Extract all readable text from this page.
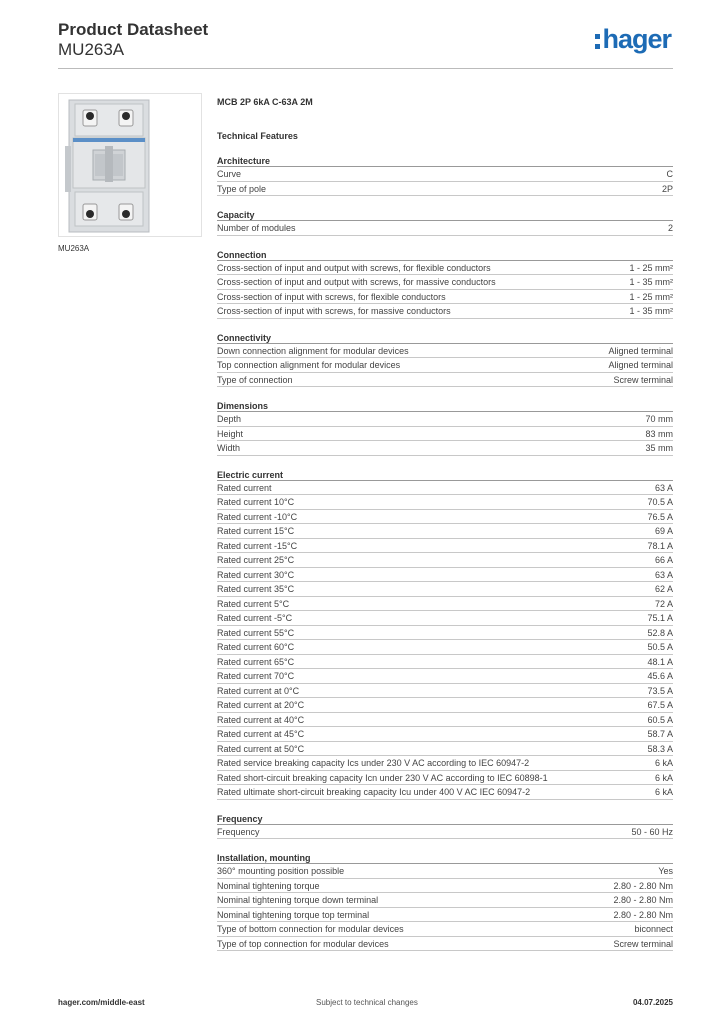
Product Datasheet
MU263A	hager
MU263A
MCB 2P 6kA C-63A 2M
Technical Features
Architecture
Curve	C
Type of pole	2P
Capacity
Number of modules	2
Connection
Cross-section of input and output with screws, for flexible conductors	1 - 25 mm²
Cross-section of input and output with screws, for massive conductors	1 - 35 mm²
Cross-section of input with screws, for flexible conductors	1 - 25 mm²
Cross-section of input with screws, for massive conductors	1 - 35 mm²
Connectivity
Down connection alignment for modular devices	Aligned terminal
Top connection alignment for modular devices	Aligned terminal
Type of connection	Screw terminal
Dimensions
Depth	70 mm
Height	83 mm
Width	35 mm
Electric current
Rated current	63 A
Rated current 10°C	70.5 A
Rated current -10°C	76.5 A
Rated current 15°C	69 A
Rated current -15°C	78.1 A
Rated current 25°C	66 A
Rated current 30°C	63 A
Rated current 35°C	62 A
Rated current 5°C	72 A
Rated current -5°C	75.1 A
Rated current 55°C	52.8 A
Rated current 60°C	50.5 A
Rated current 65°C	48.1 A
Rated current 70°C	45.6 A
Rated current at 0°C	73.5 A
Rated current at 20°C	67.5 A
Rated current at 40°C	60.5 A
Rated current at 45°C	58.7 A
Rated current at 50°C	58.3 A
Rated service breaking capacity Ics under 230 V AC according to IEC 60947-2	6 kA
Rated short-circuit breaking capacity Icn under 230 V AC according to IEC 60898-1	6 kA
Rated ultimate short-circuit breaking capacity Icu under 400 V AC IEC 60947-2	6 kA
Frequency
Frequency	50 - 60 Hz
Installation, mounting
360° mounting position possible	Yes
Nominal tightening torque	2.80 - 2.80 Nm
Nominal tightening torque down terminal	2.80 - 2.80 Nm
Nominal tightening torque top terminal	2.80 - 2.80 Nm
Type of bottom connection for modular devices	biconnect
Type of top connection for modular devices	Screw terminal
hager.com/middle-east	Subject to technical changes	04.07.2025
